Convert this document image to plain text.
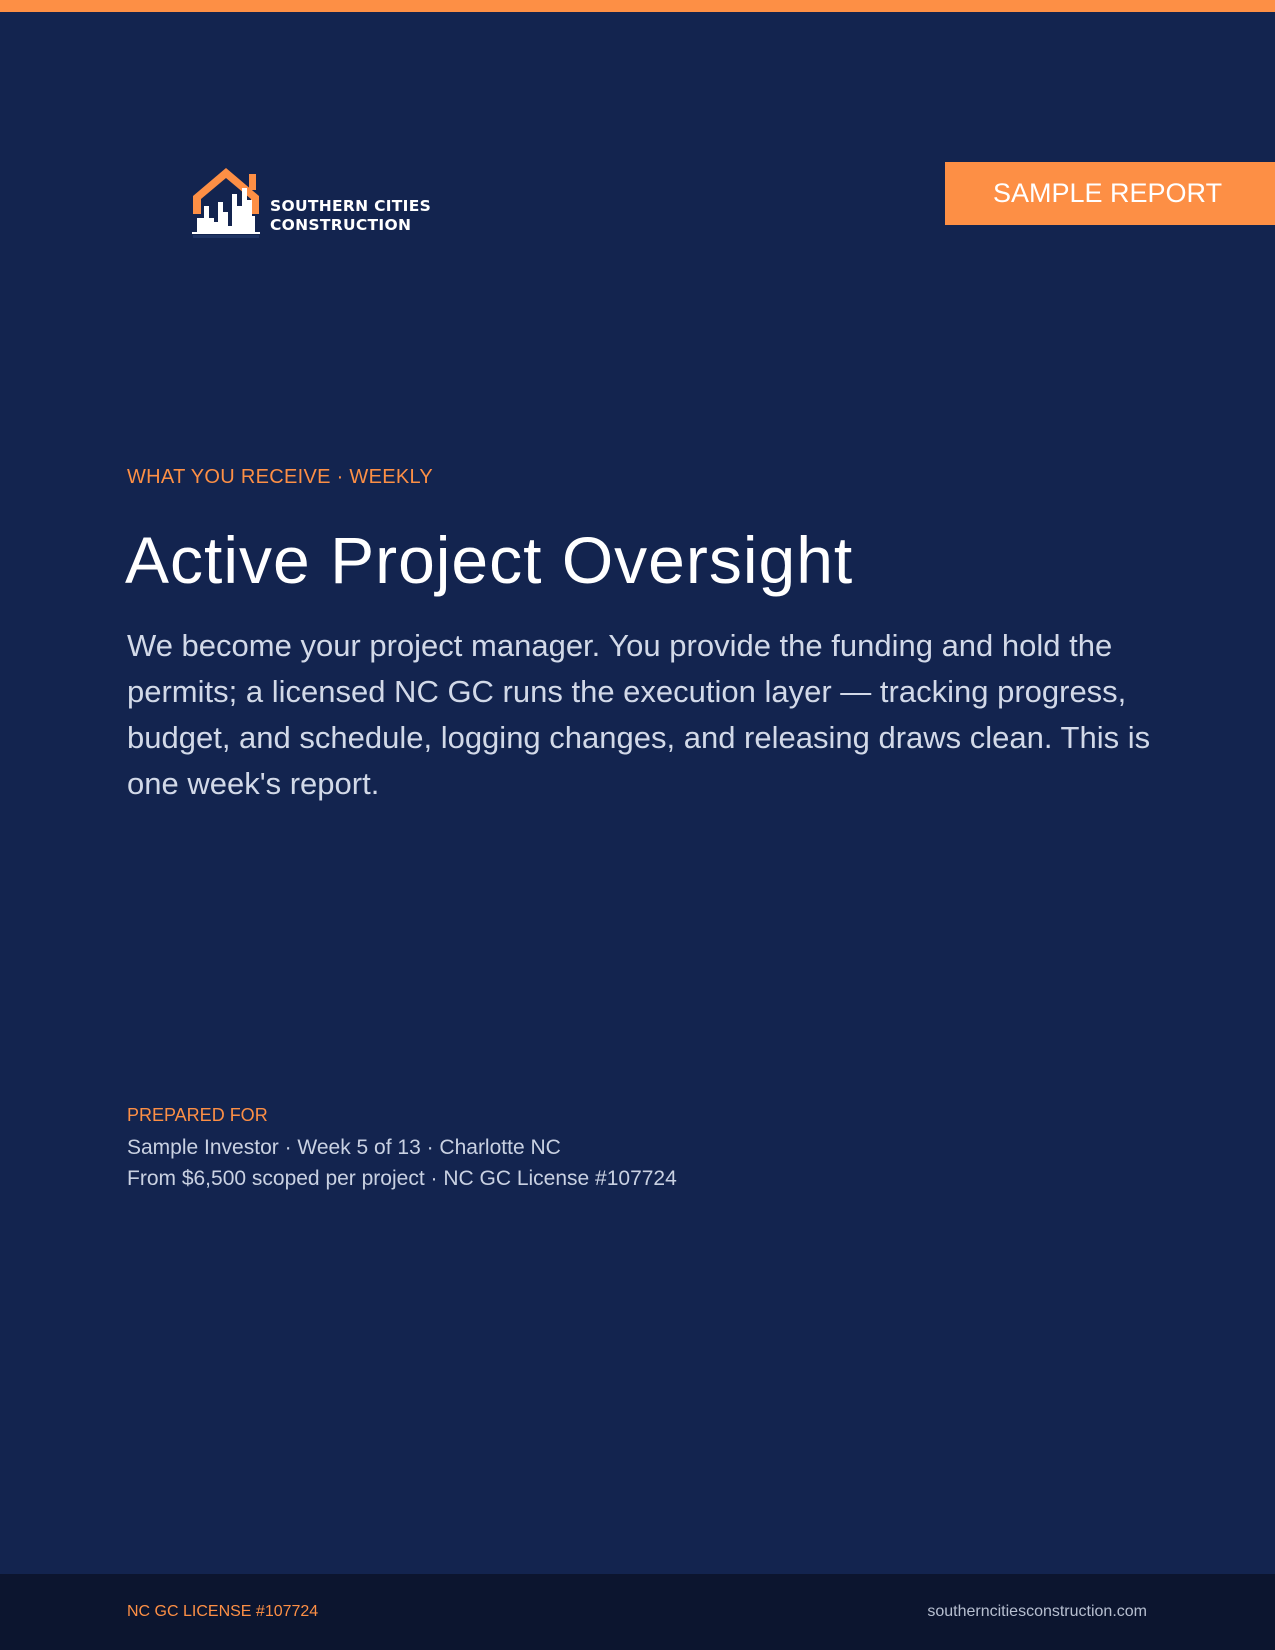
SOUTHERN CITIES
CONSTRUCTION
SAMPLE REPORT
WHAT YOU RECEIVE · WEEKLY
Active Project Oversight

We become your project manager. You provide the funding and hold the permits; a licensed NC GC runs the execution layer — tracking progress, budget, and schedule, logging changes, and releasing draws clean. This is one week's report.

PREPARED FOR
Sample Investor · Week 5 of 13 · Charlotte NC
From $6,500 scoped per project · NC GC License #107724
NC GC LICENSE #107724	southerncitiesconstruction.com
